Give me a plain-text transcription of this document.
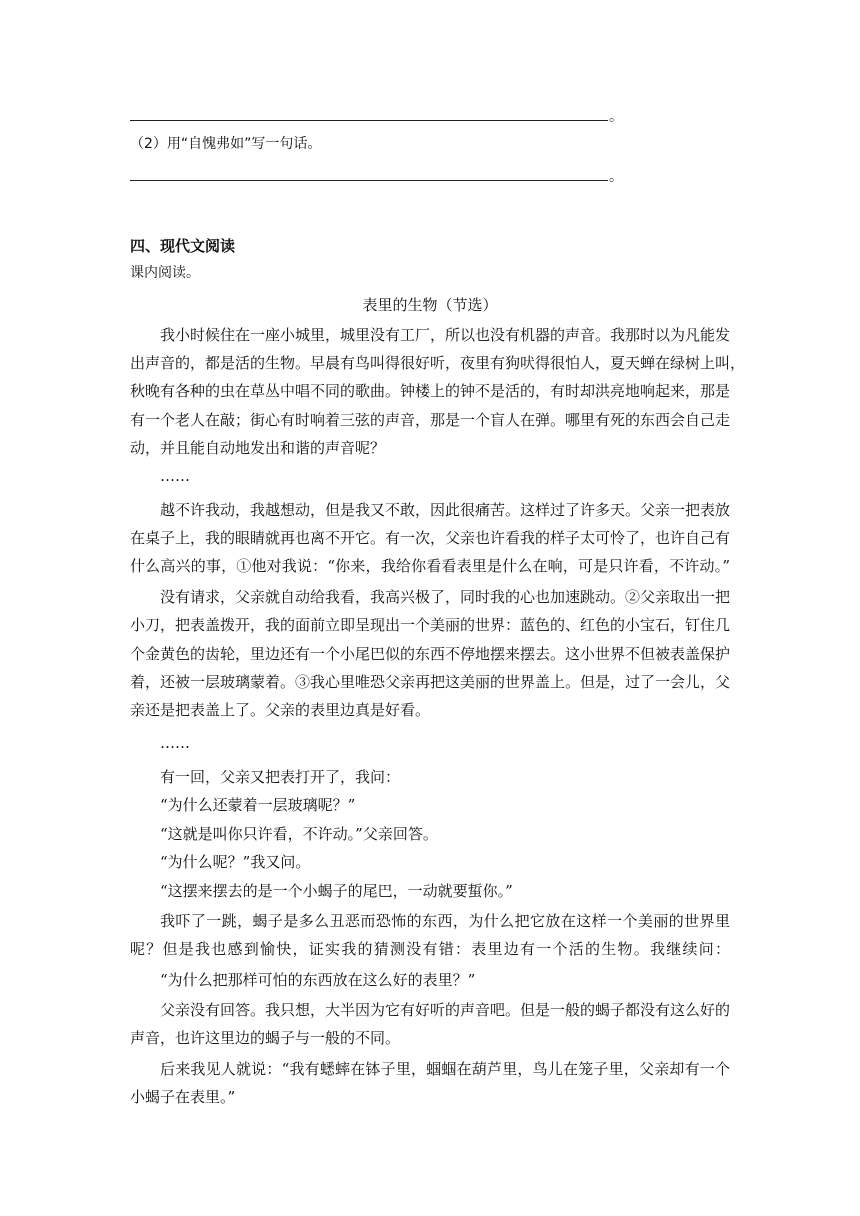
。
（2）用“自愧弗如”写一句话。
。
四、现代文阅读
课内阅读。
表里的生物（节选）
我小时候住在一座小城里，城里没有工厂，所以也没有机器的声音。我那时以为凡能发
出声音的，都是活的生物。早晨有鸟叫得很好听，夜里有狗吠得很怕人，夏天蝉在绿树上叫，
秋晚有各种的虫在草丛中唱不同的歌曲。钟楼上的钟不是活的，有时却洪亮地响起来，那是
有一个老人在敲；街心有时响着三弦的声音，那是一个盲人在弹。哪里有死的东西会自己走
动，并且能自动地发出和谐的声音呢？
……
越不许我动，我越想动，但是我又不敢，因此很痛苦。这样过了许多天。父亲一把表放
在桌子上，我的眼睛就再也离不开它。有一次，父亲也许看我的样子太可怜了，也许自己有
什么高兴的事，①他对我说：“你来，我给你看看表里是什么在响，可是只许看，不许动。”
没有请求，父亲就自动给我看，我高兴极了，同时我的心也加速跳动。②父亲取出一把
小刀，把表盖拨开，我的面前立即呈现出一个美丽的世界：蓝色的、红色的小宝石，钉住几
个金黄色的齿轮，里边还有一个小尾巴似的东西不停地摆来摆去。这小世界不但被表盖保护
着，还被一层玻璃蒙着。③我心里唯恐父亲再把这美丽的世界盖上。但是，过了一会儿，父
亲还是把表盖上了。父亲的表里边真是好看。
……
有一回，父亲又把表打开了，我问：
“为什么还蒙着一层玻璃呢？”
“这就是叫你只许看，不许动。”父亲回答。
“为什么呢？”我又问。
“这摆来摆去的是一个小蝎子的尾巴，一动就要蜇你。”
我吓了一跳，蝎子是多么丑恶而恐怖的东西，为什么把它放在这样一个美丽的世界里
呢？但是我也感到愉快，证实我的猜测没有错：表里边有一个活的生物。我继续问：
“为什么把那样可怕的东西放在这么好的表里？”
父亲没有回答。我只想，大半因为它有好听的声音吧。但是一般的蝎子都没有这么好的
声音，也许这里边的蝎子与一般的不同。
后来我见人就说：“我有蟋蟀在钵子里，蝈蝈在葫芦里，鸟儿在笼子里，父亲却有一个
小蝎子在表里。”
